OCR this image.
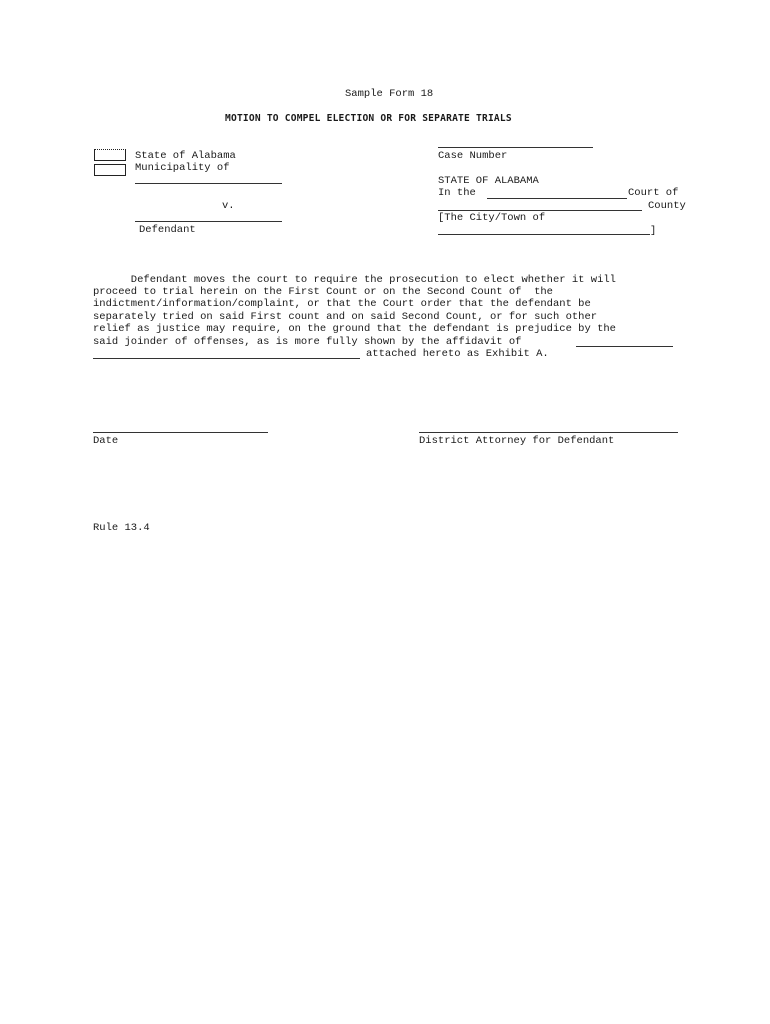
Sample Form 18
MOTION TO COMPEL ELECTION OR FOR SEPARATE TRIALS
State of Alabama
Municipality of
v.
Defendant
Case Number
STATE OF ALABAMA
In the	Court of
County
[The City/Town of
]
Defendant moves the court to require the prosecution to elect whether it will
proceed to trial herein on the First Count or on the Second Count of  the
indictment/information/complaint, or that the Court order that the defendant be
separately tried on said First count and on said Second Count, or for such other
relief as justice may require, on the ground that the defendant is prejudice by the
said joinder of offenses, as is more fully shown by the affidavit of
attached hereto as Exhibit A.
Date	District Attorney for Defendant
Rule 13.4
